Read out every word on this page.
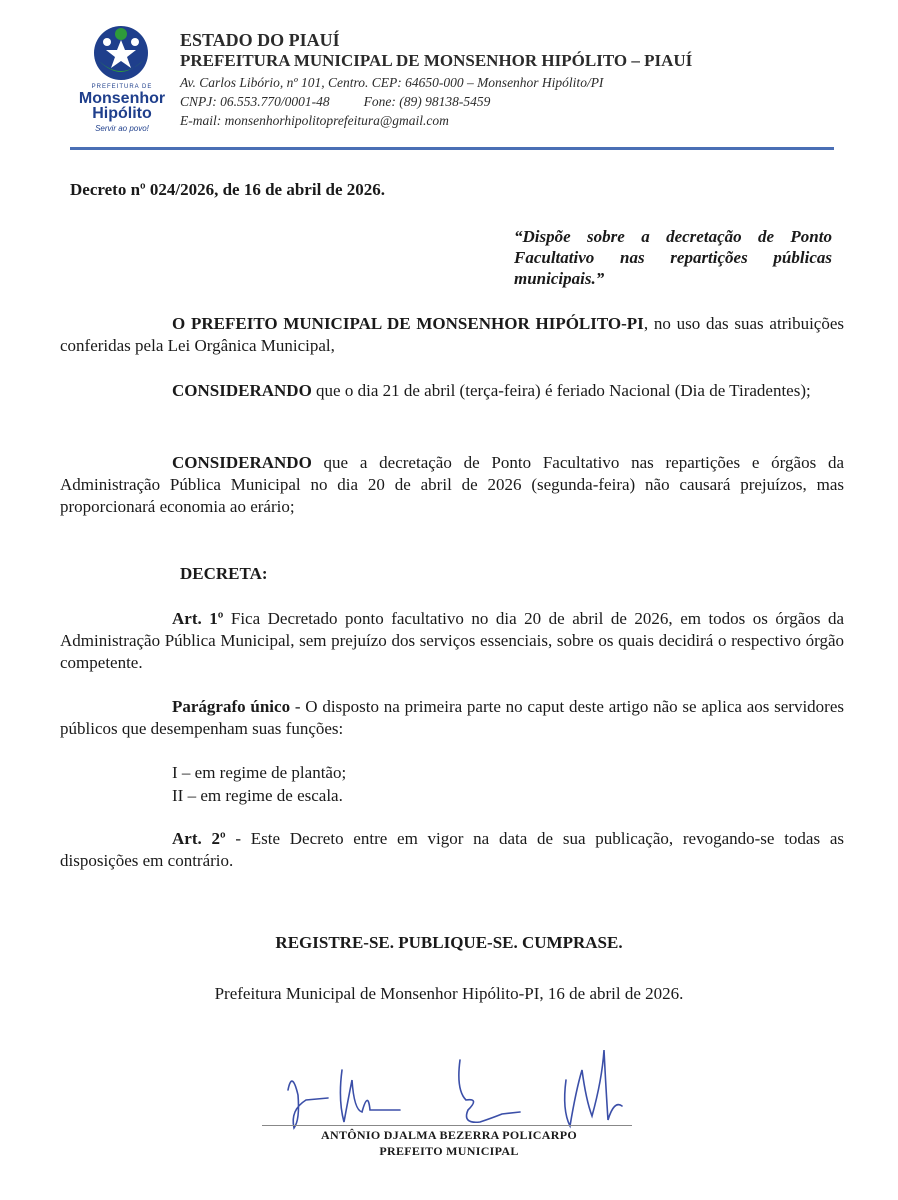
PREFEITURA DE
Monsenhor
Hipólito
Servir ao povo!
ESTADO DO PIAUÍ
PREFEITURA MUNICIPAL DE MONSENHOR HIPÓLITO – PIAUÍ
Av. Carlos Libório, nº 101, Centro. CEP: 64650-000 – Monsenhor Hipólito/PI
CNPJ: 06.553.770/0001-48	Fone: (89) 98138-5459
E-mail: monsenhorhipolitoprefeitura@gmail.com
Decreto nº 024/2026, de 16 de abril de 2026.
“Dispõe sobre a decretação de Ponto Facultativo nas repartições públicas municipais.”
O PREFEITO MUNICIPAL DE MONSENHOR HIPÓLITO-PI, no uso das suas atribuições conferidas pela Lei Orgânica Municipal,
CONSIDERANDO que o dia 21 de abril (terça-feira) é feriado Nacional (Dia de Tiradentes);
CONSIDERANDO que a decretação de Ponto Facultativo nas repartições e órgãos da Administração Pública Municipal no dia 20 de abril de 2026 (segunda-feira) não causará prejuízos, mas proporcionará economia ao erário;
DECRETA:
Art. 1º Fica Decretado ponto facultativo no dia 20 de abril de 2026, em todos os órgãos da Administração Pública Municipal, sem prejuízo dos serviços essenciais, sobre os quais decidirá o respectivo órgão competente.
Parágrafo único - O disposto na primeira parte no caput deste artigo não se aplica aos servidores públicos que desempenham suas funções:
I – em regime de plantão;
II – em regime de escala.
Art. 2º - Este Decreto entre em vigor na data de sua publicação, revogando-se todas as disposições em contrário.
REGISTRE-SE. PUBLIQUE-SE. CUMPRASE.
Prefeitura Municipal de Monsenhor Hipólito-PI, 16 de abril de 2026.
ANTÔNIO DJALMA BEZERRA POLICARPO
PREFEITO MUNICIPAL
